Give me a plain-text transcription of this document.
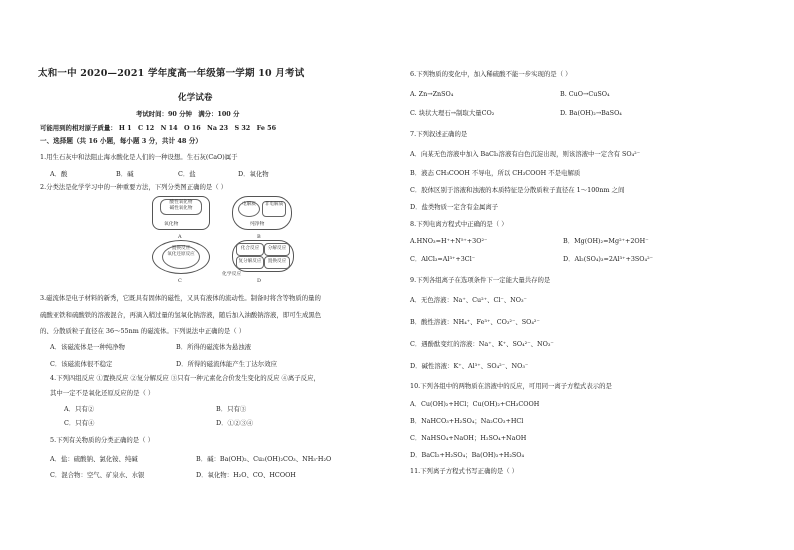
太和一中 2020—2021 学年度高一年级第一学期 10 月考试
化学试卷
考试时间：90 分钟　满分：100 分
可能用到的相对原子质量： H 1　C 12　N 14　O 16　Na 23　S 32　Fe 56
一、选择题（共 16 小题，每小题 3 分，共计 48 分）
1.用生石灰中和法阻止海水酸化是人们的一种设想。生石灰(CaO)属于
A．酸	B．碱	C．盐	D．氧化物
2.分类法是化学学习中的一种重要方法，下列分类图正确的是（ ）
酸性氧化物
碱性氧化物
氧化物
A
电解质	非电解质
纯净物
B
置换反应
氧化还原反应
C
化合反应	分解反应
复分解反应	置换反应
化学反应
D
3.磁流体是电子材料的新秀，它既具有固体的磁性，又具有液体的流动性。制备时将含等物质的量的
硫酸亚铁和硫酸铁的溶液混合，再滴入稍过量的氢氧化钠溶液，随后加入油酸钠溶液，即可生成黑色
的、分散质粒子直径在 36～55nm 的磁流体。下列说法中正确的是（ ）
A．该磁流体是一种纯净物	B．所得的磁流体为悬浊液
C．该磁流体很不稳定	D．所得的磁流体能产生丁达尔效应
4.下列四组反应 ①置换反应 ②复分解反应 ③只有一种元素化合价发生变化的反应 ④离子反应，
其中一定不是氧化还原反应的是（ ）
A．只有②	B．只有③
C．只有④	D．①②③④
5.下列有关物质的分类正确的是（ ）
A．盐：硫酸钠、氯化铵、纯碱	B．碱：Ba(OH)₂、Cu₂(OH)₂CO₃、NH₃·H₂O
C．混合物：空气、矿泉水、水银	D．氧化物：H₂O、CO、HCOOH
6.下列物质的变化中，加入稀硫酸不能一步实现的是（ ）
A. Zn→ZnSO₄	B. CuO→CuSO₄
C. 块状大理石→制取大量CO₂	D. Ba(OH)₂→BaSO₄
7.下列叙述正确的是
A．向某无色溶液中加入 BaCl₂溶液有白色沉淀出现，则该溶液中一定含有 SO₄²⁻
B．液态 CH₃COOH 不导电，所以 CH₃COOH 不是电解质
C．胶体区别于溶液和浊液的本质特征是分散质粒子直径在 1～100nm 之间
D．盐类物质一定含有金属离子
8.下列电离方程式中正确的是（ ）
A.HNO₃=H⁺+N⁵⁺+3O²⁻	B．Mg(OH)₂=Mg²⁺+2OH⁻
C．AlCl₃=Al³⁺+3Cl⁻	D．Al₂(SO₄)₃=2Al³⁺+3SO₄²⁻
9.下列各组离子在选项条件下一定能大量共存的是
A．无色溶液：Na⁺、Cu²⁺、Cl⁻、NO₃⁻
B．酸性溶液：NH₄⁺、Fe³⁺、CO₃²⁻、SO₄²⁻
C．遇酚酞变红的溶液：Na⁺、K⁺、SO₄²⁻、NO₃⁻
D．碱性溶液：K⁺、Al³⁺、SO₄²⁻、NO₃⁻
10.下列各组中的两物质在溶液中的反应，可用同一离子方程式表示的是
A．Cu(OH)₂+HCl；Cu(OH)₂+CH₃COOH
B．NaHCO₃+H₂SO₄；Na₂CO₃+HCl
C．NaHSO₄+NaOH；H₂SO₄+NaOH
D．BaCl₂+H₂SO₄；Ba(OH)₂+H₂SO₄
11.下列离子方程式书写正确的是（ ）
